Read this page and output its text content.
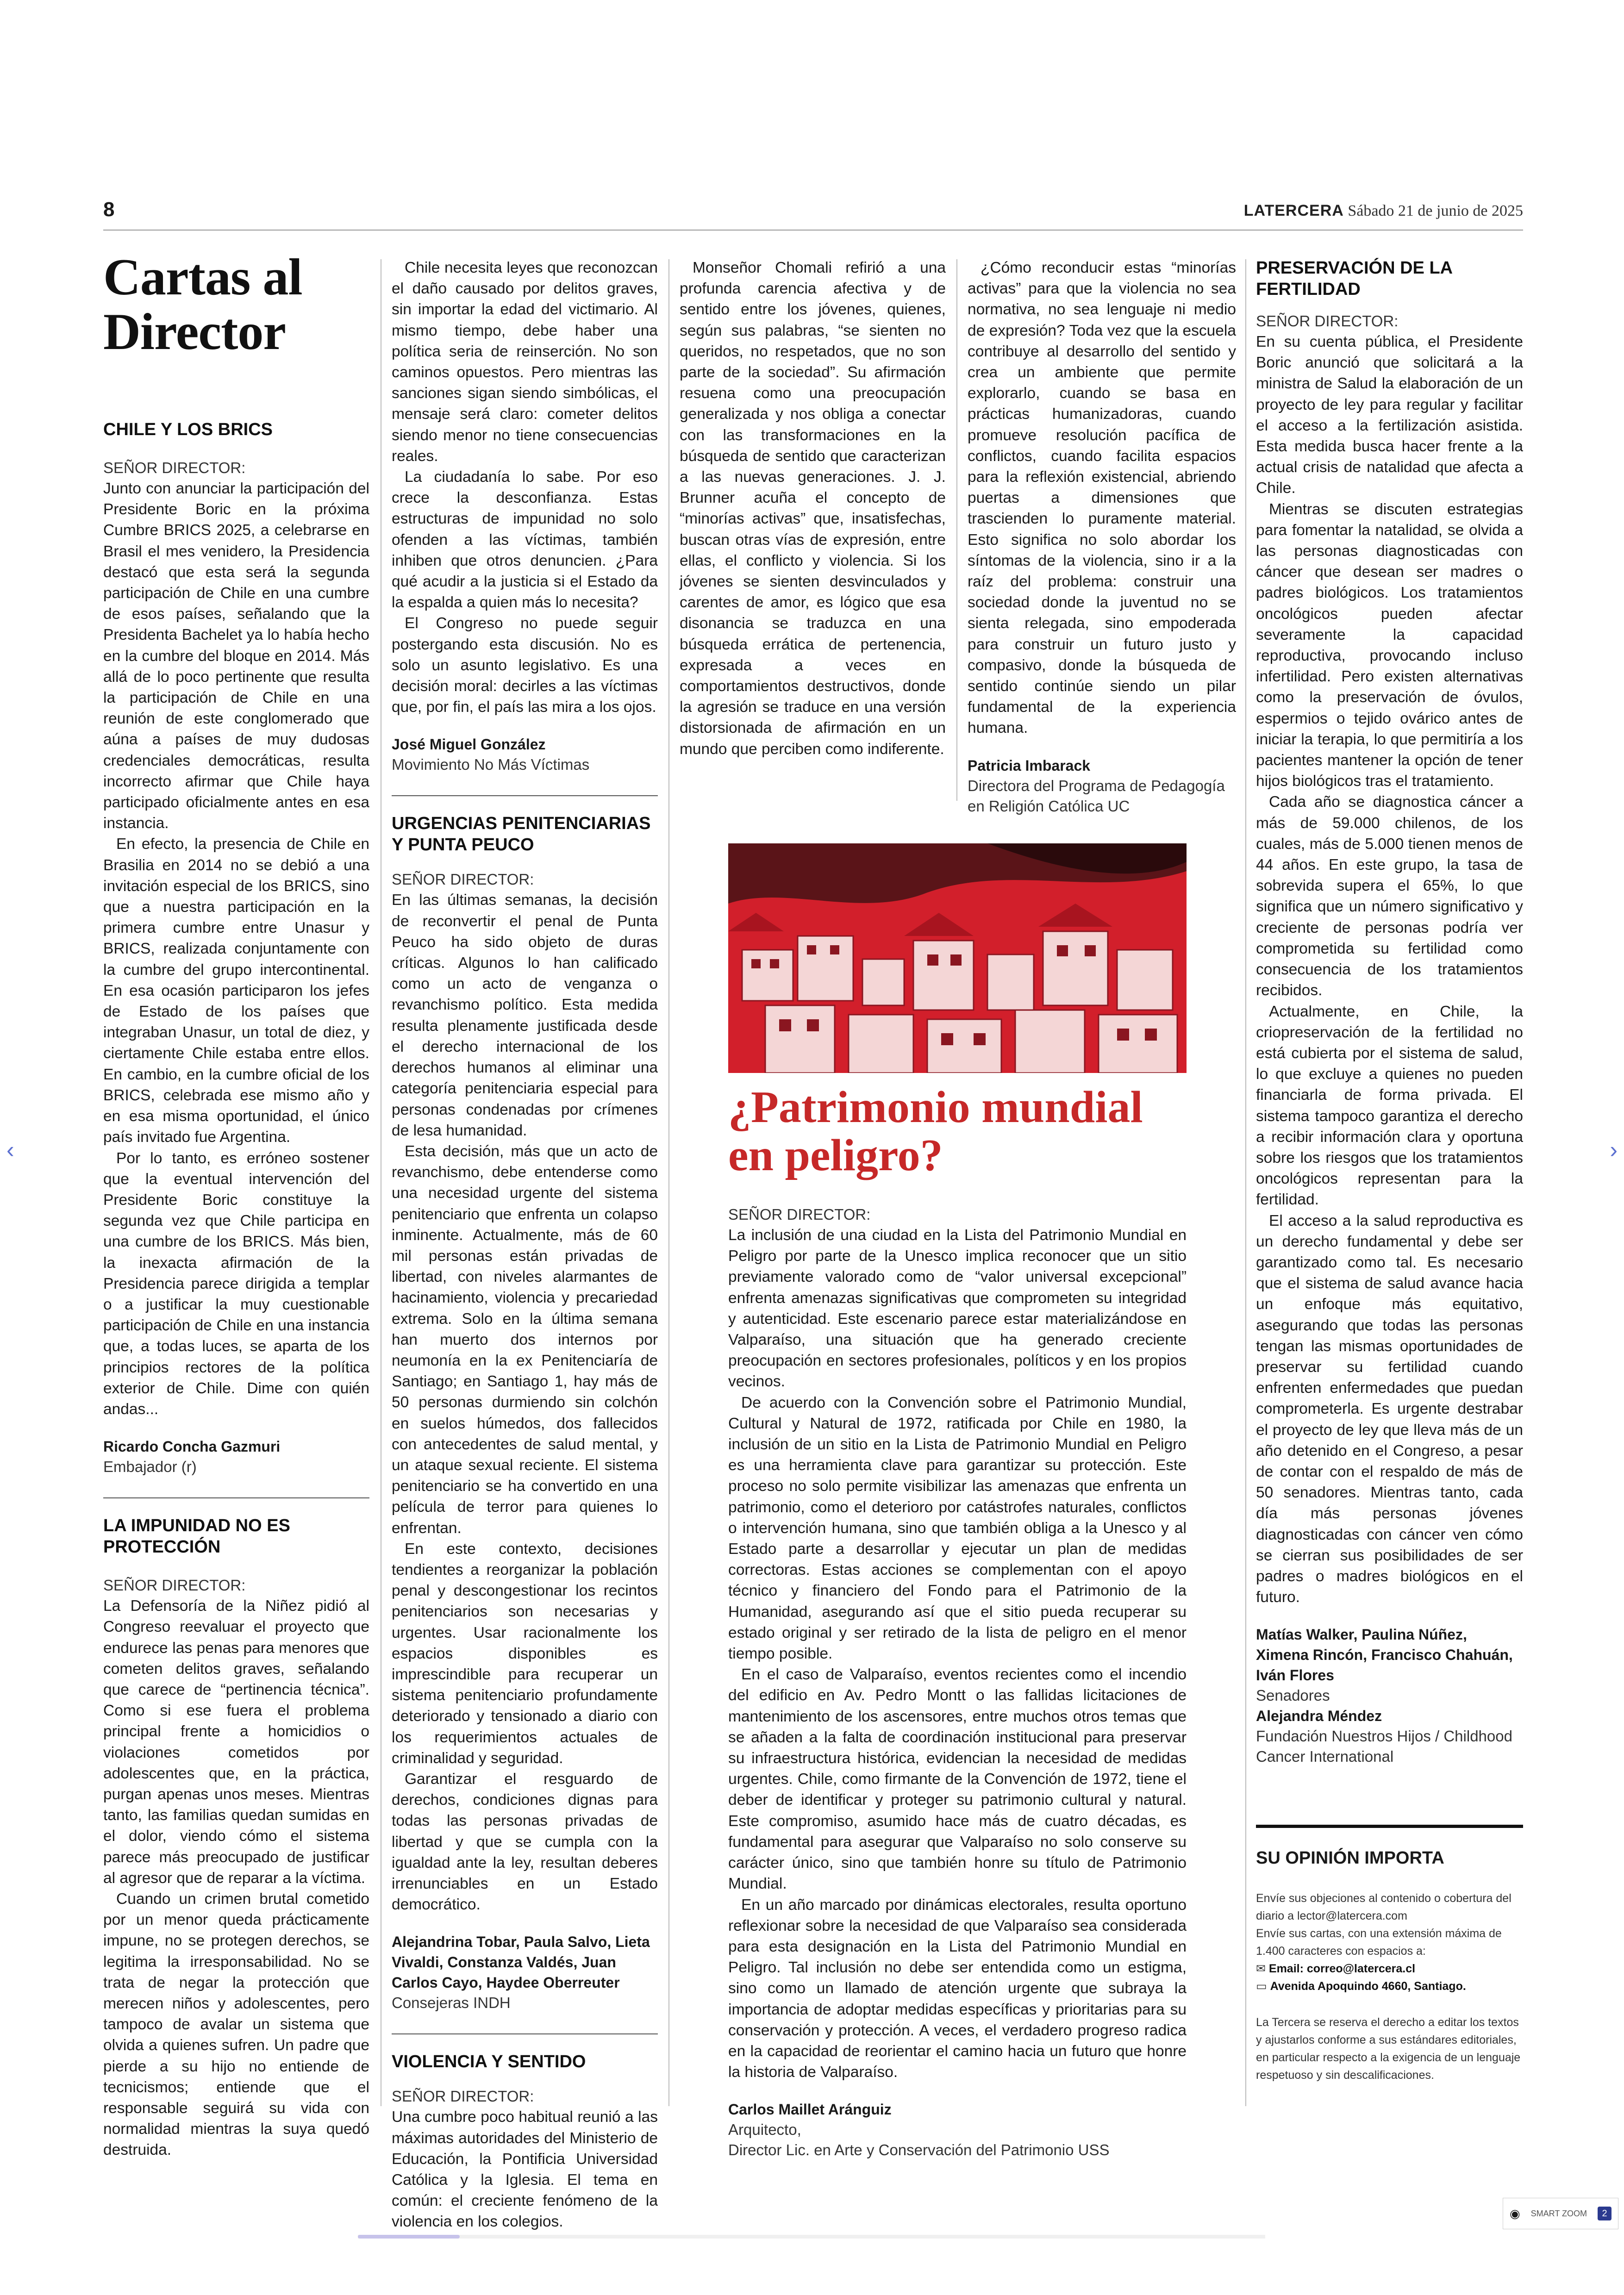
8	LATERCERA Sábado 21 de junio de 2025
Cartas al Director
CHILE Y LOS BRICS
SEÑOR DIRECTOR:

Junto con anunciar la participación del Presidente Boric en la próxima Cumbre BRICS 2025, a celebrarse en Brasil el mes venidero, la Presidencia destacó que esta será la segunda participación de Chile en una cumbre de esos países, señalando que la Presidenta Bachelet ya lo había hecho en la cumbre del bloque en 2014. Más allá de lo poco pertinente que resulta la participación de Chile en una reunión de este conglomerado que aúna a países de muy dudosas credenciales democráticas, resulta incorrecto afirmar que Chile haya participado oficialmente antes en esa instancia.

En efecto, la presencia de Chile en Brasilia en 2014 no se debió a una invitación especial de los BRICS, sino que a nuestra participación en la primera cumbre entre Unasur y BRICS, realizada conjuntamente con la cumbre del grupo intercontinental. En esa ocasión participaron los jefes de Estado de los países que integraban Unasur, un total de diez, y ciertamente Chile estaba entre ellos. En cambio, en la cumbre oficial de los BRICS, celebrada ese mismo año y en esa misma oportunidad, el único país invitado fue Argentina.

Por lo tanto, es erróneo sostener que la eventual intervención del Presidente Boric constituye la segunda vez que Chile participa en una cumbre de los BRICS. Más bien, la inexacta afirmación de la Presidencia parece dirigida a templar o a justificar la muy cuestionable participación de Chile en una instancia que, a todas luces, se aparta de los principios rectores de la política exterior de Chile. Dime con quién andas...

Ricardo Concha Gazmuri
Embajador (r)
LA IMPUNIDAD NO ES PROTECCIÓN
SEÑOR DIRECTOR:

La Defensoría de la Niñez pidió al Congreso reevaluar el proyecto que endurece las penas para menores que cometen delitos graves, señalando que carece de “pertinencia técnica”. Como si ese fuera el problema principal frente a homicidios o violaciones cometidos por adolescentes que, en la práctica, purgan apenas unos meses. Mientras tanto, las familias quedan sumidas en el dolor, viendo cómo el sistema parece más preocupado de justificar al agresor que de reparar a la víctima.

Cuando un crimen brutal cometido por un menor queda prácticamente impune, no se protegen derechos, se legitima la irresponsabilidad. No se trata de negar la protección que merecen niños y adolescentes, pero tampoco de avalar un sistema que olvida a quienes sufren. Un padre que pierde a su hijo no entiende de tecnicismos; entiende que el responsable seguirá su vida con normalidad mientras la suya quedó destruida.

Chile necesita leyes que reconozcan el daño causado por delitos graves, sin importar la edad del victimario. Al mismo tiempo, debe haber una política seria de reinserción. No son caminos opuestos. Pero mientras las sanciones sigan siendo simbólicas, el mensaje será claro: cometer delitos siendo menor no tiene consecuencias reales.

La ciudadanía lo sabe. Por eso crece la desconfianza. Estas estructuras de impunidad no solo ofenden a las víctimas, también inhiben que otros denuncien. ¿Para qué acudir a la justicia si el Estado da la espalda a quien más lo necesita?

El Congreso no puede seguir postergando esta discusión. No es solo un asunto legislativo. Es una decisión moral: decirles a las víctimas que, por fin, el país las mira a los ojos.

José Miguel González
Movimiento No Más Víctimas
URGENCIAS PENITENCIARIAS Y PUNTA PEUCO
SEÑOR DIRECTOR:

En las últimas semanas, la decisión de reconvertir el penal de Punta Peuco ha sido objeto de duras críticas. Algunos lo han calificado como un acto de venganza o revanchismo político. Esta medida resulta plenamente justificada desde el derecho internacional de los derechos humanos al eliminar una categoría penitenciaria especial para personas condenadas por crímenes de lesa humanidad.

Esta decisión, más que un acto de revanchismo, debe entenderse como una necesidad urgente del sistema penitenciario que enfrenta un colapso inminente. Actualmente, más de 60 mil personas están privadas de libertad, con niveles alarmantes de hacinamiento, violencia y precariedad extrema. Solo en la última semana han muerto dos internos por neumonía en la ex Penitenciaría de Santiago; en Santiago 1, hay más de 50 personas durmiendo sin colchón en suelos húmedos, dos fallecidos con antecedentes de salud mental, y un ataque sexual reciente. El sistema penitenciario se ha convertido en una película de terror para quienes lo enfrentan.

En este contexto, decisiones tendientes a reorganizar la población penal y descongestionar los recintos penitenciarios son necesarias y urgentes. Usar racionalmente los espacios disponibles es imprescindible para recuperar un sistema penitenciario profundamente deteriorado y tensionado a diario con los requerimientos actuales de criminalidad y seguridad.

Garantizar el resguardo de derechos, condiciones dignas para todas las personas privadas de libertad y que se cumpla con la igualdad ante la ley, resultan deberes irrenunciables en un Estado democrático.

Alejandrina Tobar, Paula Salvo, Lieta Vivaldi, Constanza Valdés, Juan Carlos Cayo, Haydee Oberreuter
Consejeras INDH
VIOLENCIA Y SENTIDO
SEÑOR DIRECTOR:

Una cumbre poco habitual reunió a las máximas autoridades del Ministerio de Educación, la Pontificia Universidad Católica y la Iglesia. El tema en común: el creciente fenómeno de la violencia en los colegios.

Monseñor Chomali refirió a una profunda carencia afectiva y de sentido entre los jóvenes, quienes, según sus palabras, “se sienten no queridos, no respetados, que no son parte de la sociedad”. Su afirmación resuena como una preocupación generalizada y nos obliga a conectar con las transformaciones en la búsqueda de sentido que caracterizan a las nuevas generaciones. J. J. Brunner acuña el concepto de “minorías activas” que, insatisfechas, buscan otras vías de expresión, entre ellas, el conflicto y violencia. Si los jóvenes se sienten desvinculados y carentes de amor, es lógico que esa disonancia se traduzca en una búsqueda errática de pertenencia, expresada a veces en comportamientos destructivos, donde la agresión se traduce en una versión distorsionada de afirmación en un mundo que perciben como indiferente.

¿Cómo reconducir estas “minorías activas” para que la violencia no sea normativa, no sea lenguaje ni medio de expresión? Toda vez que la escuela contribuye al desarrollo del sentido y crea un ambiente que permite explorarlo, cuando se basa en prácticas humanizadoras, cuando promueve resolución pacífica de conflictos, cuando facilita espacios para la reflexión existencial, abriendo puertas a dimensiones que trascienden lo puramente material. Esto significa no solo abordar los síntomas de la violencia, sino ir a la raíz del problema: construir una sociedad donde la juventud no se sienta relegada, sino empoderada para construir un futuro justo y compasivo, donde la búsqueda de sentido continúe siendo un pilar fundamental de la experiencia humana.

Patricia Imbarack
Directora del Programa de Pedagogía en Religión Católica UC
¿Patrimonio mundial en peligro?
SEÑOR DIRECTOR:

La inclusión de una ciudad en la Lista del Patrimonio Mundial en Peligro por parte de la Unesco implica reconocer que un sitio previamente valorado como de “valor universal excepcional” enfrenta amenazas significativas que comprometen su integridad y autenticidad. Este escenario parece estar materializándose en Valparaíso, una situación que ha generado creciente preocupación en sectores profesionales, políticos y en los propios vecinos.

De acuerdo con la Convención sobre el Patrimonio Mundial, Cultural y Natural de 1972, ratificada por Chile en 1980, la inclusión de un sitio en la Lista de Patrimonio Mundial en Peligro es una herramienta clave para garantizar su protección. Este proceso no solo permite visibilizar las amenazas que enfrenta un patrimonio, como el deterioro por catástrofes naturales, conflictos o intervención humana, sino que también obliga a la Unesco y al Estado parte a desarrollar y ejecutar un plan de medidas correctoras. Estas acciones se complementan con el apoyo técnico y financiero del Fondo para el Patrimonio de la Humanidad, asegurando así que el sitio pueda recuperar su estado original y ser retirado de la lista de peligro en el menor tiempo posible.

En el caso de Valparaíso, eventos recientes como el incendio del edificio en Av. Pedro Montt o las fallidas licitaciones de mantenimiento de los ascensores, entre muchos otros temas que se añaden a la falta de coordinación institucional para preservar su infraestructura histórica, evidencian la necesidad de medidas urgentes. Chile, como firmante de la Convención de 1972, tiene el deber de identificar y proteger su patrimonio cultural y natural. Este compromiso, asumido hace más de cuatro décadas, es fundamental para asegurar que Valparaíso no solo conserve su carácter único, sino que también honre su título de Patrimonio Mundial.

En un año marcado por dinámicas electorales, resulta oportuno reflexionar sobre la necesidad de que Valparaíso sea considerada para esta designación en la Lista del Patrimonio Mundial en Peligro. Tal inclusión no debe ser entendida como un estigma, sino como un llamado de atención urgente que subraya la importancia de adoptar medidas específicas y prioritarias para su conservación y protección. A veces, el verdadero progreso radica en la capacidad de reorientar el camino hacia un futuro que honre la historia de Valparaíso.

Carlos Maillet Aránguiz
Arquitecto,
Director Lic. en Arte y Conservación del Patrimonio USS
PRESERVACIÓN DE LA FERTILIDAD
SEÑOR DIRECTOR:

En su cuenta pública, el Presidente Boric anunció que solicitará a la ministra de Salud la elaboración de un proyecto de ley para regular y facilitar el acceso a la fertilización asistida. Esta medida busca hacer frente a la actual crisis de natalidad que afecta a Chile.

Mientras se discuten estrategias para fomentar la natalidad, se olvida a las personas diagnosticadas con cáncer que desean ser madres o padres biológicos. Los tratamientos oncológicos pueden afectar severamente la capacidad reproductiva, provocando incluso infertilidad. Pero existen alternativas como la preservación de óvulos, espermios o tejido ovárico antes de iniciar la terapia, lo que permitiría a los pacientes mantener la opción de tener hijos biológicos tras el tratamiento.

Cada año se diagnostica cáncer a más de 59.000 chilenos, de los cuales, más de 5.000 tienen menos de 44 años. En este grupo, la tasa de sobrevida supera el 65%, lo que significa que un número significativo y creciente de personas podría ver comprometida su fertilidad como consecuencia de los tratamientos recibidos.

Actualmente, en Chile, la criopreservación de la fertilidad no está cubierta por el sistema de salud, lo que excluye a quienes no pueden financiarla de forma privada. El sistema tampoco garantiza el derecho a recibir información clara y oportuna sobre los riesgos que los tratamientos oncológicos representan para la fertilidad.

El acceso a la salud reproductiva es un derecho fundamental y debe ser garantizado como tal. Es necesario que el sistema de salud avance hacia un enfoque más equitativo, asegurando que todas las personas tengan las mismas oportunidades de preservar su fertilidad cuando enfrenten enfermedades que puedan comprometerla. Es urgente destrabar el proyecto de ley que lleva más de un año detenido en el Congreso, a pesar de contar con el respaldo de más de 50 senadores. Mientras tanto, cada día más personas jóvenes diagnosticadas con cáncer ven cómo se cierran sus posibilidades de ser padres o madres biológicos en el futuro.

Matías Walker, Paulina Núñez, Ximena Rincón, Francisco Chahuán, Iván Flores
Senadores
Alejandra Méndez
Fundación Nuestros Hijos / Childhood Cancer International
SU OPINIÓN IMPORTA
Envíe sus objeciones al contenido o cobertura del diario a lector@latercera.com
Envíe sus cartas, con una extensión máxima de 1.400 caracteres con espacios a:
✉ Email: correo@latercera.cl
▭ Avenida Apoquindo 4660, Santiago.
La Tercera se reserva el derecho a editar los textos y ajustarlos conforme a sus estándares editoriales, en particular respecto a la exigencia de un lenguaje respetuoso y sin descalificaciones.
‹	›
◉ SMART ZOOM	2
